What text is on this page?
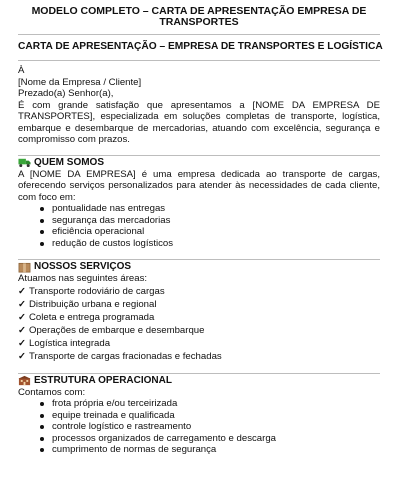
MODELO COMPLETO – CARTA DE APRESENTAÇÃO EMPRESA DE TRANSPORTES
CARTA DE APRESENTAÇÃO – EMPRESA DE TRANSPORTES E LOGÍSTICA
À
[Nome da Empresa / Cliente]
Prezado(a) Senhor(a),
É com grande satisfação que apresentamos a [NOME DA EMPRESA DE TRANSPORTES], especializada em soluções completas de transporte, logística, embarque e desembarque de mercadorias, atuando com excelência, segurança e compromisso com prazos.
QUEM SOMOS
A [NOME DA EMPRESA] é uma empresa dedicada ao transporte de cargas, oferecendo serviços personalizados para atender às necessidades de cada cliente, com foco em:
pontualidade nas entregas
segurança das mercadorias
eficiência operacional
redução de custos logísticos
NOSSOS SERVIÇOS
Atuamos nas seguintes áreas:
✓ Transporte rodoviário de cargas
✓ Distribuição urbana e regional
✓ Coleta e entrega programada
✓ Operações de embarque e desembarque
✓ Logística integrada
✓ Transporte de cargas fracionadas e fechadas
ESTRUTURA OPERACIONAL
Contamos com:
frota própria e/ou terceirizada
equipe treinada e qualificada
controle logístico e rastreamento
processos organizados de carregamento e descarga
cumprimento de normas de segurança
